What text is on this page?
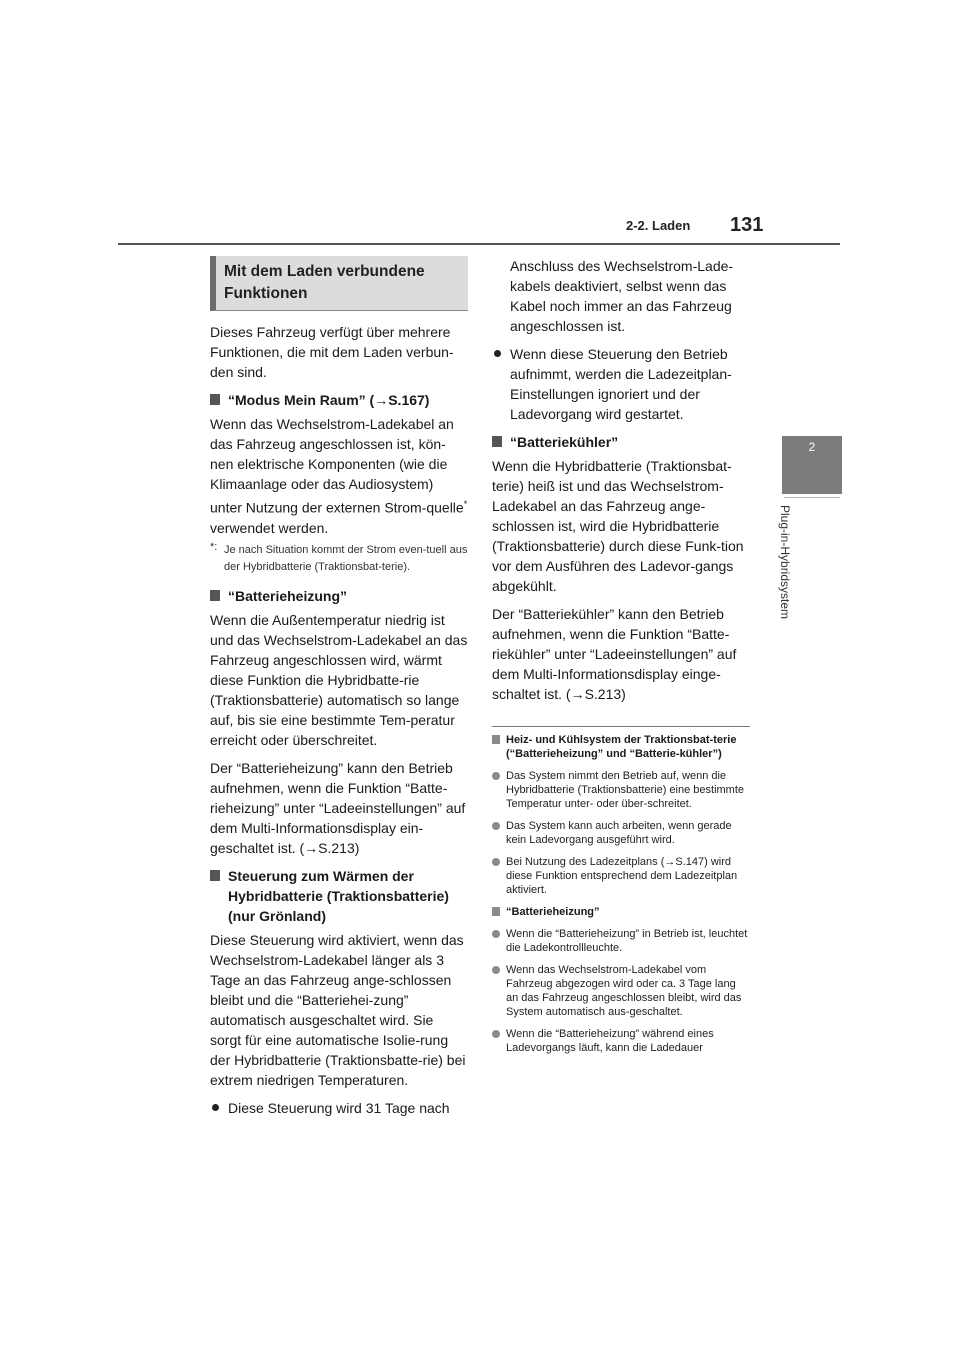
2-2. Laden 131
2
Plug-in-Hybridsystem
Mit dem Laden verbundene Funktionen

Dieses Fahrzeug verfügt über mehrere Funktionen, die mit dem Laden verbun-den sind.

“Modus Mein Raum” (→S.167)

Wenn das Wechselstrom-Ladekabel an das Fahrzeug angeschlossen ist, kön-nen elektrische Komponenten (wie die Klimaanlage oder das Audiosystem) unter Nutzung der externen Strom-quelle* verwendet werden.

*: Je nach Situation kommt der Strom even-tuell aus der Hybridbatterie (Traktionsbat-terie).

“Batterieheizung”

Wenn die Außentemperatur niedrig ist und das Wechselstrom-Ladekabel an das Fahrzeug angeschlossen wird, wärmt diese Funktion die Hybridbatte-rie (Traktionsbatterie) automatisch so lange auf, bis sie eine bestimmte Tem-peratur erreicht oder überschreitet.

Der “Batterieheizung” kann den Betrieb aufnehmen, wenn die Funktion “Batte-rieheizung” unter “Ladeeinstellungen” auf dem Multi-Informationsdisplay ein-geschaltet ist. (→S.213)

Steuerung zum Wärmen der Hybridbatterie (Traktionsbatterie) (nur Grönland)

Diese Steuerung wird aktiviert, wenn das Wechselstrom-Ladekabel länger als 3 Tage an das Fahrzeug ange-schlossen bleibt und die “Batteriehei-zung” automatisch ausgeschaltet wird. Sie sorgt für eine automatische Isolie-rung der Hybridbatterie (Traktionsbatte-rie) bei extrem niedrigen Temperaturen.

Diese Steuerung wird 31 Tage nach

Anschluss des Wechselstrom-Lade-kabels deaktiviert, selbst wenn das Kabel noch immer an das Fahrzeug angeschlossen ist.

Wenn diese Steuerung den Betrieb aufnimmt, werden die Ladezeitplan-Einstellungen ignoriert und der Ladevorgang wird gestartet.

“Batteriekühler”

Wenn die Hybridbatterie (Traktionsbat-terie) heiß ist und das Wechselstrom-Ladekabel an das Fahrzeug ange-schlossen ist, wird die Hybridbatterie (Traktionsbatterie) durch diese Funk-tion vor dem Ausführen des Ladevor-gangs abgekühlt.

Der “Batteriekühler” kann den Betrieb aufnehmen, wenn die Funktion “Batte-riekühler” unter “Ladeeinstellungen” auf dem Multi-Informationsdisplay einge-schaltet ist. (→S.213)

Heiz- und Kühlsystem der Traktionsbat-terie (“Batterieheizung” und “Batterie-kühler”)

Das System nimmt den Betrieb auf, wenn die Hybridbatterie (Traktionsbatterie) eine bestimmte Temperatur unter- oder über-schreitet.

Das System kann auch arbeiten, wenn gerade kein Ladevorgang ausgeführt wird.

Bei Nutzung des Ladezeitplans (→S.147) wird diese Funktion entsprechend dem Ladezeitplan aktiviert.

“Batterieheizung”

Wenn die “Batterieheizung” in Betrieb ist, leuchtet die Ladekontrollleuchte.

Wenn das Wechselstrom-Ladekabel vom Fahrzeug abgezogen wird oder ca. 3 Tage lang an das Fahrzeug angeschlossen bleibt, wird das System automatisch aus-geschaltet.

Wenn die “Batterieheizung” während eines Ladevorgangs läuft, kann die Ladedauer
